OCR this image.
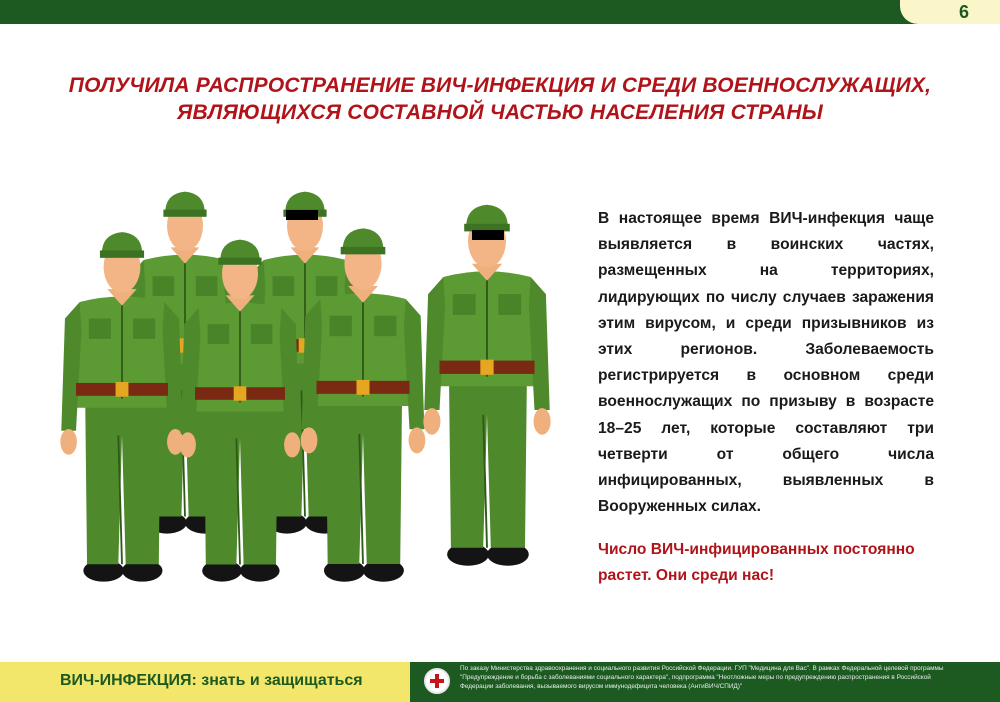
6
ПОЛУЧИЛА РАСПРОСТРАНЕНИЕ ВИЧ-ИНФЕКЦИЯ И СРЕДИ ВОЕННОСЛУЖАЩИХ,
ЯВЛЯЮЩИХСЯ СОСТАВНОЙ ЧАСТЬЮ НАСЕЛЕНИЯ СТРАНЫ

В настоящее время ВИЧ-инфекция чаще выявляется в воинских частях, размещенных на территориях, лидирующих по числу случаев заражения этим вирусом, и среди призывников из этих регионов. Заболеваемость регистрируется в основном среди военнослужащих по призыву в возрасте 18–25 лет, которые составляют три четверти от общего числа инфицированных, выявленных в Вооруженных силах.

Число ВИЧ-инфицированных постоянно растет. Они среди нас!
ВИЧ-ИНФЕКЦИЯ: знать и защищаться
По заказу Министерства здравоохранения и социального развития Российской Федерации. ГУП "Медицина для Вас". В рамках Федеральной целевой программы "Предупреждение и борьба с заболеваниями социального характера", подпрограмма "Неотложные меры по предупреждению распространения в Российской Федерации заболевания, вызываемого вирусом иммунодефицита человека (АнтиВИЧ/СПИД)"
